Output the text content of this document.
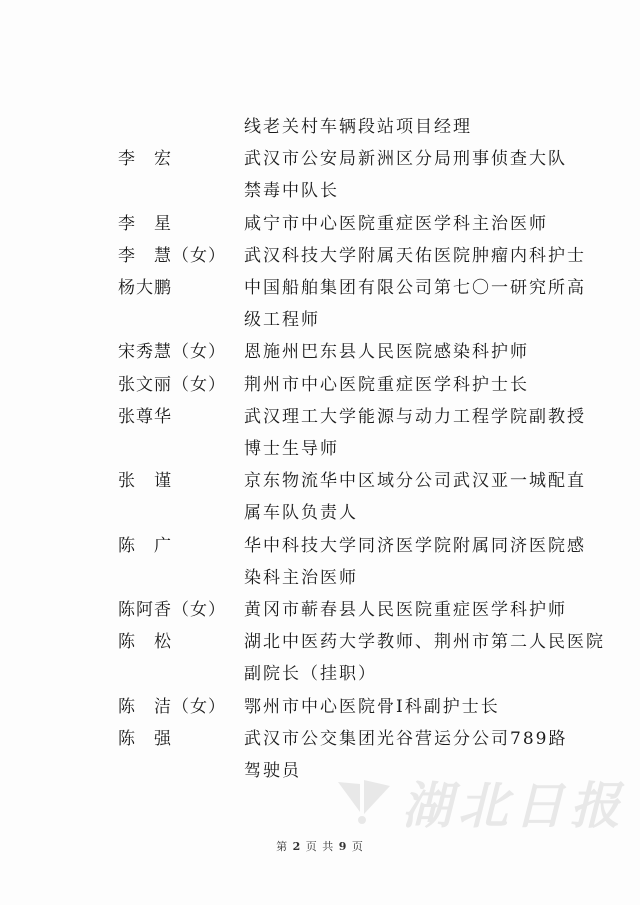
线老关村车辆段站项目经理
李　宏	武汉市公安局新洲区分局刑事侦查大队
禁毒中队长
李　星	咸宁市中心医院重症医学科主治医师
李　慧（女） 武汉科技大学附属天佑医院肿瘤内科护士
杨大鹏	中国船舶集团有限公司第七〇一研究所高
级工程师
宋秀慧（女） 恩施州巴东县人民医院感染科护师
张文丽（女） 荆州市中心医院重症医学科护士长
张尊华	武汉理工大学能源与动力工程学院副教授
博士生导师
张　谨	京东物流华中区域分公司武汉亚一城配直
属车队负责人
陈　广	华中科技大学同济医学院附属同济医院感
染科主治医师
陈阿香（女） 黄冈市蕲春县人民医院重症医学科护师
陈　松	湖北中医药大学教师、荆州市第二人民医院
副院长（挂职）
陈　洁（女） 鄂州市中心医院骨Ⅰ科副护士长
陈　强	武汉市公交集团光谷营运分公司789路
驾驶员
第 2 页 共 9 页
湖北日报
